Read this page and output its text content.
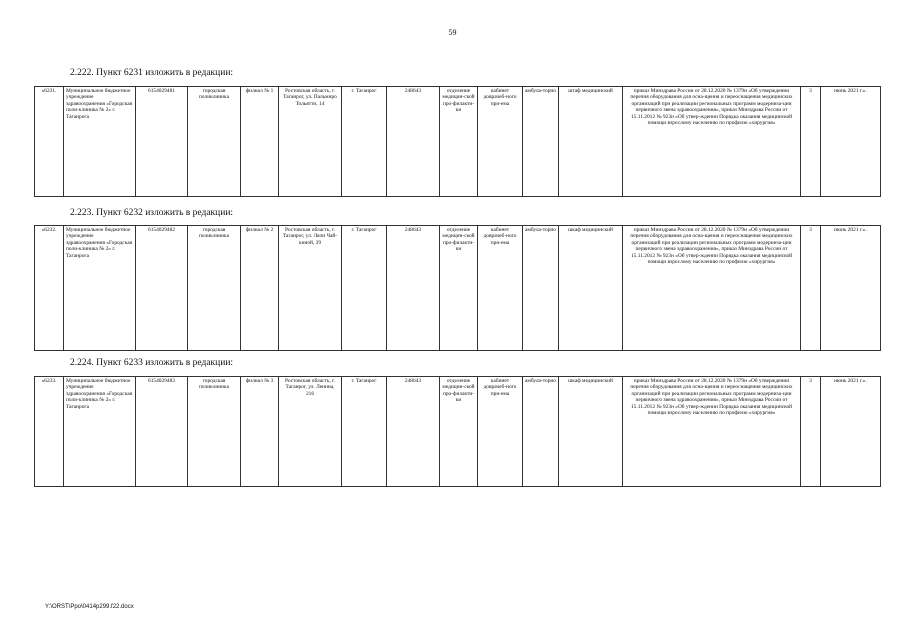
59
2.222. Пункт 6231 изложить в редакции:
«6231.	Муниципальное бюджетное учреждение здравоохранения «Городская поли-клиника № 2» г. Таганрога	6154029481	городская поликлиника	филиал № 1	Ростовская область, г. Таганрог, ул. Пальмиро Тольятти, 14	г. Таганрог	248643	отделение медицин-ской про-филакти-ки	кабинет доврачеб-ного при-ема	амбула-торно	штаф медицинский	приказ Минздрава России от 28.12.2020 № 1379н «Об утверждении перечня оборудования для осна-щения и переоснащения медицинских организаций при реализации региональных программ модерниза-ции первичного звена здравоохранения», приказ Минздрава России от 15.11.2012 № 923н «Об утвер-ждении Порядка оказания медицинской помощи взрослому населению по профилю «хирургия»	3	июнь 2021 г.».
2.223. Пункт 6232 изложить в редакции:
«6232.	Муниципальное бюджетное учреждение здравоохранения «Городская поли-клиника № 2» г. Таганрога	6154029482	городская поликлиника	филиал № 2	Ростовская область, г. Таганрог, ул. Ляли Чай-киной, 39	г. Таганрог	248643	отделение медицин-ской про-филакти-ки	кабинет доврачеб-ного при-ема	амбула-торно	шкаф медицинский	приказ Минздрава России от 28.12.2020 № 1379н «Об утверждении перечня оборудования для осна-щения и переоснащения медицинских организаций при реализации региональных программ модерниза-ции первичного звена здравоохранения», приказ Минздрава России от 15.11.2012 № 923н «Об утвер-ждении Порядка оказания медицинской помощи взрослому населению по профилю «хирургия»	3	июнь 2021 г.».
2.224. Пункт 6233 изложить в редакции:
«6233.	Муниципальное бюджетное учреждение здравоохранения «Городская поли-клиника № 2» г. Таганрога	6154029483	городская поликлиника	филиал № 3	Ростовская область, г. Таганрог, ул. Ленина, 216	г. Таганрог	248643	отделение медицин-ской про-филакти-ки	кабинет доврачеб-ного при-ема	амбула-торно	шкаф медицинский	приказ Минздрава России от 28.12.2020 № 1379н «Об утверждении перечня оборудования для осна-щения и переоснащения медицинских организаций при реализации региональных программ модерниза-ции первичного звена здравоохранения», приказ Минздрава России от 15.11.2012 № 923н «Об утвер-ждении Порядка оказания медицинской помощи взрослому населению по профилю «хирургия»	3	июнь 2021 г.».
Y:\ORST\Ppo\0414p299.f22.docx
